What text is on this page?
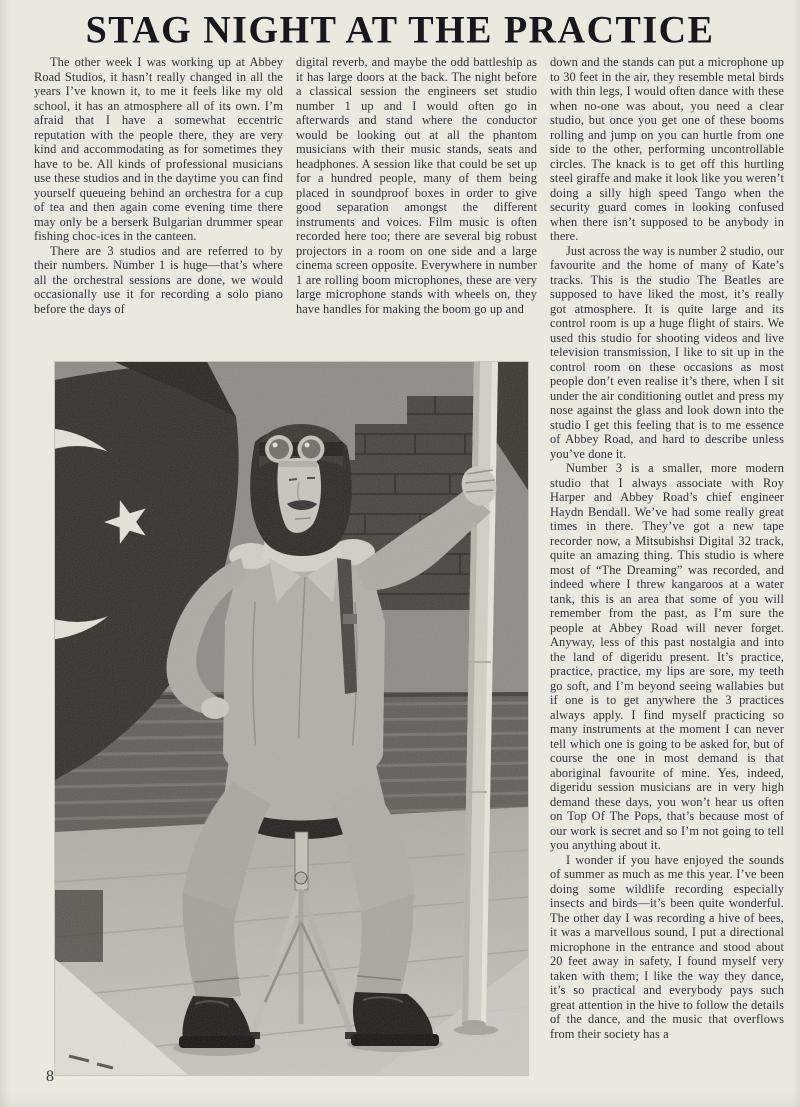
STAG NIGHT AT THE PRACTICE

The other week I was working up at Abbey Road Studios, it hasn’t really changed in all the years I’ve known it, to me it feels like my old school, it has an atmosphere all of its own. I’m afraid that I have a somewhat eccentric reputation with the people there, they are very kind and accommodating as for sometimes they have to be. All kinds of professional musicians use these studios and in the daytime you can find yourself queueing behind an orchestra for a cup of tea and then again come evening time there may only be a berserk Bulgarian drummer spear fishing choc-ices in the canteen.

There are 3 studios and are referred to by their numbers. Number 1 is huge—that’s where all the orchestral sessions are done, we would occasionally use it for recording a solo piano before the days of

digital reverb, and maybe the odd battleship as it has large doors at the back. The night before a classical session the engineers set studio number 1 up and I would often go in afterwards and stand where the conductor would be looking out at all the phantom musicians with their music stands, seats and headphones. A session like that could be set up for a hundred people, many of them being placed in soundproof boxes in order to give good separation amongst the different instruments and voices. Film music is often recorded here too; there are several big robust projectors in a room on one side and a large cinema screen opposite. Everywhere in number 1 are rolling boom microphones, these are very large microphone stands with wheels on, they have handles for making the boom go up and

down and the stands can put a microphone up to 30 feet in the air, they resemble metal birds with thin legs, I would often dance with these when no-one was about, you need a clear studio, but once you get one of these booms rolling and jump on you can hurtle from one side to the other, performing uncontrollable circles. The knack is to get off this hurtling steel giraffe and make it look like you weren’t doing a silly high speed Tango when the security guard comes in looking confused when there isn’t supposed to be anybody in there.

Just across the way is number 2 studio, our favourite and the home of many of Kate’s tracks. This is the studio The Beatles are supposed to have liked the most, it’s really got atmosphere. It is quite large and its control room is up a huge flight of stairs. We used this studio for shooting videos and live television transmission, I like to sit up in the control room on these occasions as most people don’t even realise it’s there, when I sit under the air conditioning outlet and press my nose against the glass and look down into the studio I get this feeling that is to me essence of Abbey Road, and hard to describe unless you’ve done it.

Number 3 is a smaller, more modern studio that I always associate with Roy Harper and Abbey Road’s chief engineer Haydn Bendall. We’ve had some really great times in there. They’ve got a new tape recorder now, a Mitsubishsi Digital 32 track, quite an amazing thing. This studio is where most of “The Dreaming” was recorded, and indeed where I threw kangaroos at a water tank, this is an area that some of you will remember from the past, as I’m sure the people at Abbey Road will never forget. Anyway, less of this past nostalgia and into the land of digeridu present. It’s practice, practice, practice, my lips are sore, my teeth go soft, and I’m beyond seeing wallabies but if one is to get anywhere the 3 practices always apply. I find myself practicing so many instruments at the moment I can never tell which one is going to be asked for, but of course the one in most demand is that aboriginal favourite of mine. Yes, indeed, digeridu session musicians are in very high demand these days, you won’t hear us often on Top Of The Pops, that’s because most of our work is secret and so I’m not going to tell you anything about it.

I wonder if you have enjoyed the sounds of summer as much as me this year. I’ve been doing some wildlife recording especially insects and birds—it’s been quite wonderful. The other day I was recording a hive of bees, it was a marvellous sound, I put a directional microphone in the entrance and stood about 20 feet away in safety, I found myself very taken with them; I like the way they dance, it’s so practical and everybody pays such great attention in the hive to follow the details of the dance, and the music that overflows from their society has a

8
